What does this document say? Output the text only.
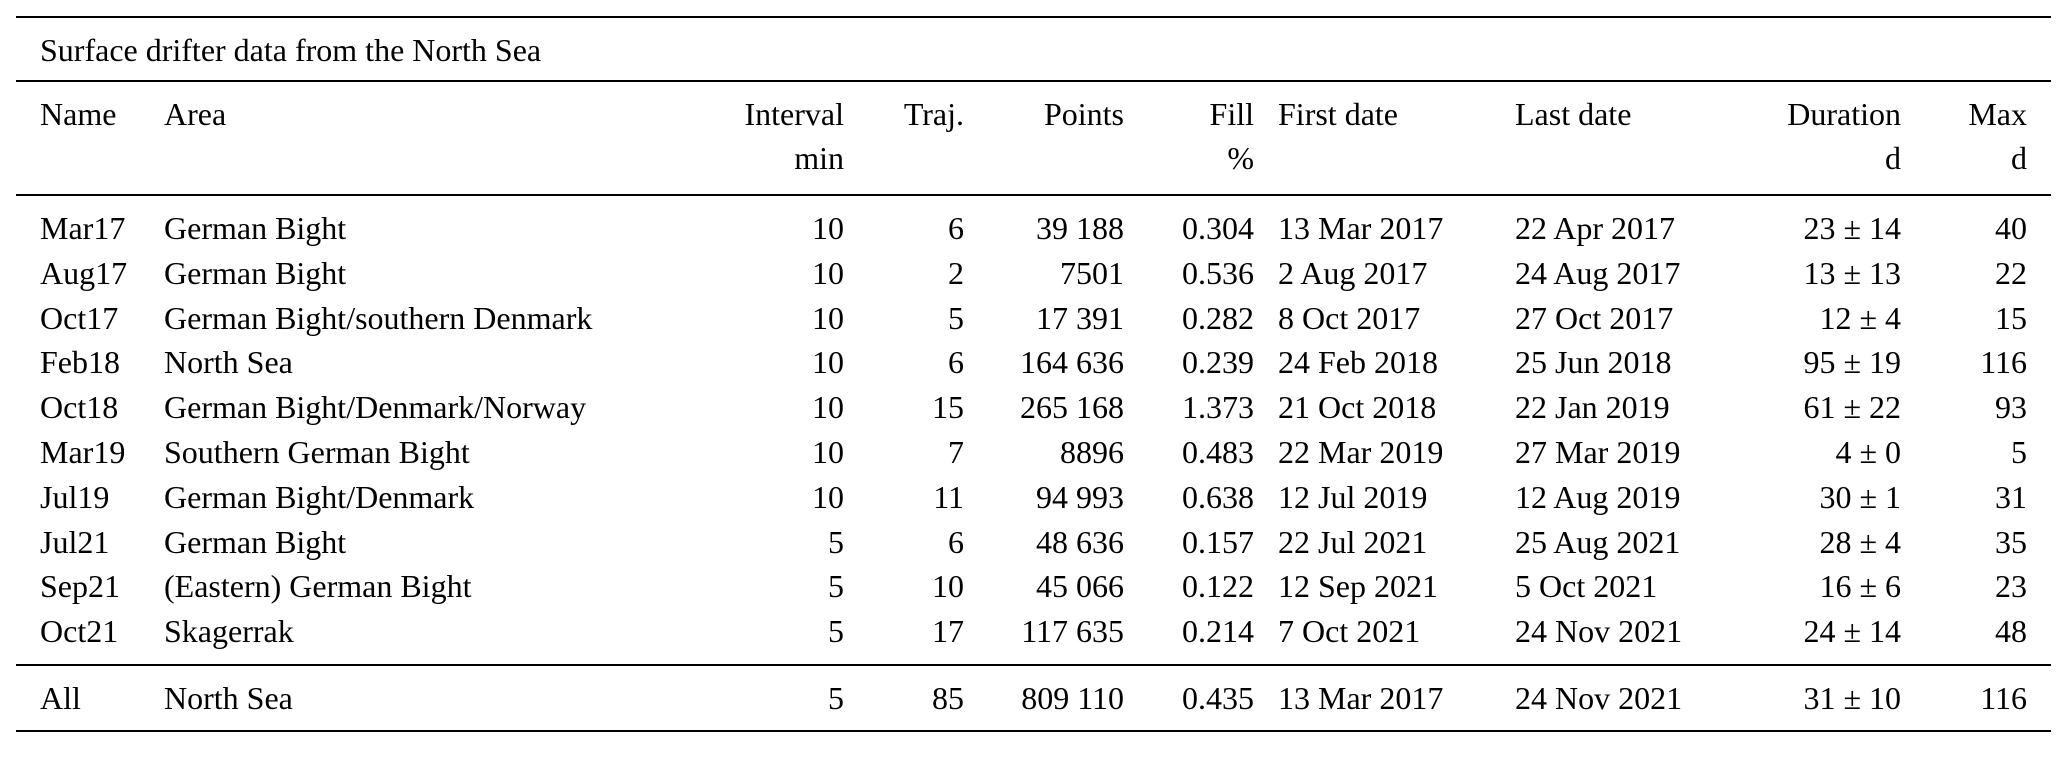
Surface drifter data from the North Sea
Name	Area	Interval	Traj.	Points	Fill	First date	Last date	Duration	Max
		min			%			d	d
Mar17	German Bight	10	6	39 188	0.304	13 Mar 2017	22 Apr 2017	23 ± 14	40
Aug17	German Bight	10	2	7501	0.536	2 Aug 2017	24 Aug 2017	13 ± 13	22
Oct17	German Bight/southern Denmark	10	5	17 391	0.282	8 Oct 2017	27 Oct 2017	12 ± 4	15
Feb18	North Sea	10	6	164 636	0.239	24 Feb 2018	25 Jun 2018	95 ± 19	116
Oct18	German Bight/Denmark/Norway	10	15	265 168	1.373	21 Oct 2018	22 Jan 2019	61 ± 22	93
Mar19	Southern German Bight	10	7	8896	0.483	22 Mar 2019	27 Mar 2019	4 ± 0	5
Jul19	German Bight/Denmark	10	11	94 993	0.638	12 Jul 2019	12 Aug 2019	30 ± 1	31
Jul21	German Bight	5	6	48 636	0.157	22 Jul 2021	25 Aug 2021	28 ± 4	35
Sep21	(Eastern) German Bight	5	10	45 066	0.122	12 Sep 2021	5 Oct 2021	16 ± 6	23
Oct21	Skagerrak	5	17	117 635	0.214	7 Oct 2021	24 Nov 2021	24 ± 14	48
All	North Sea	5	85	809 110	0.435	13 Mar 2017	24 Nov 2021	31 ± 10	116
